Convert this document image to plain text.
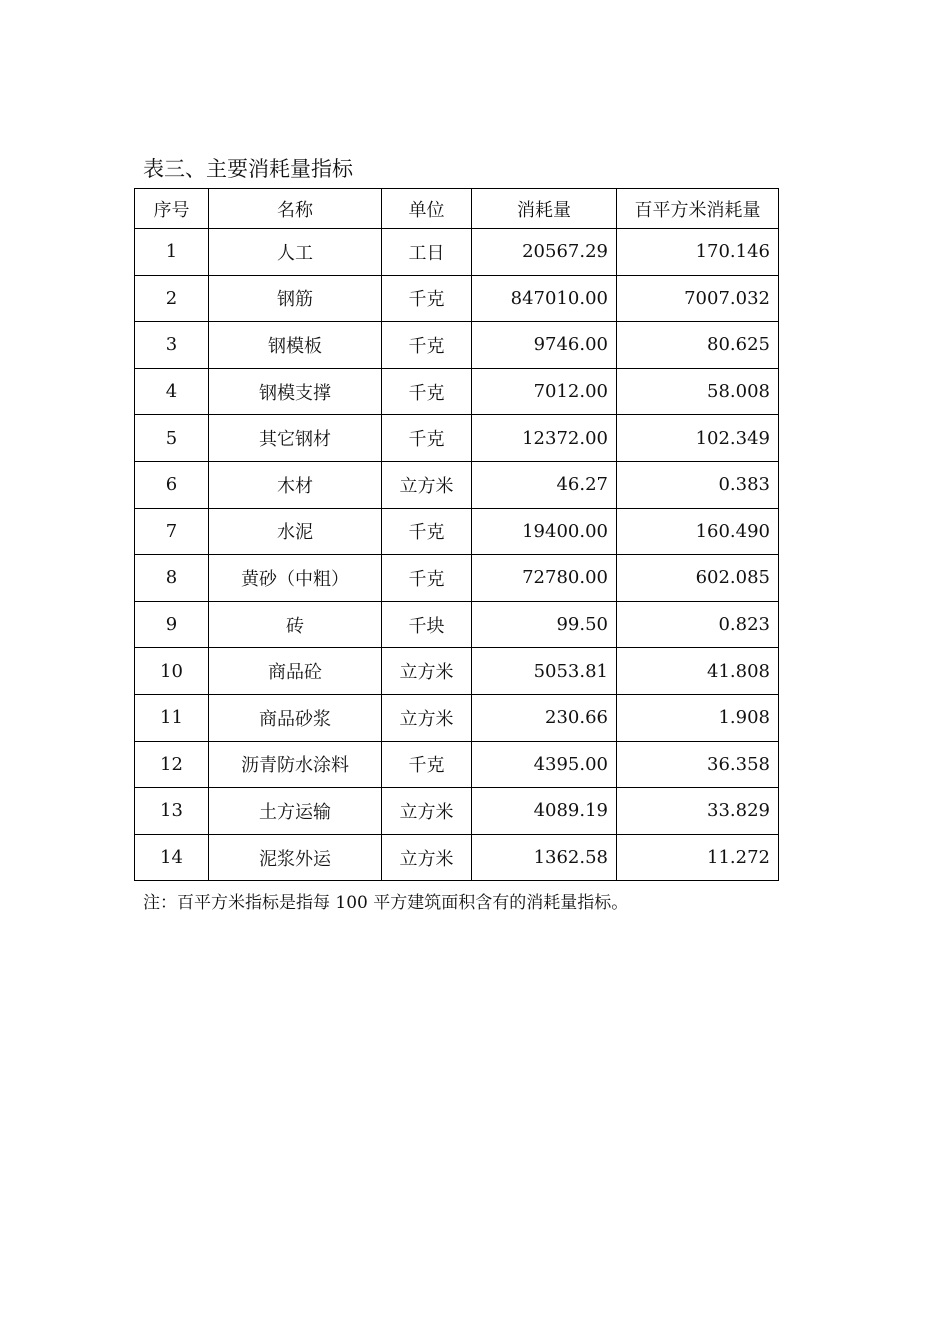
表三、主要消耗量指标
序号	名称	单位	消耗量	百平方米消耗量
1	人工	工日	20567.29	170.146
2	钢筋	千克	847010.00	7007.032
3	钢模板	千克	9746.00	80.625
4	钢模支撑	千克	7012.00	58.008
5	其它钢材	千克	12372.00	102.349
6	木材	立方米	46.27	0.383
7	水泥	千克	19400.00	160.490
8	黄砂（中粗）	千克	72780.00	602.085
9	砖	千块	99.50	0.823
10	商品砼	立方米	5053.81	41.808
11	商品砂浆	立方米	230.66	1.908
12	沥青防水涂料	千克	4395.00	36.358
13	土方运输	立方米	4089.19	33.829
14	泥浆外运	立方米	1362.58	11.272
注：百平方米指标是指每 100 平方建筑面积含有的消耗量指标。
